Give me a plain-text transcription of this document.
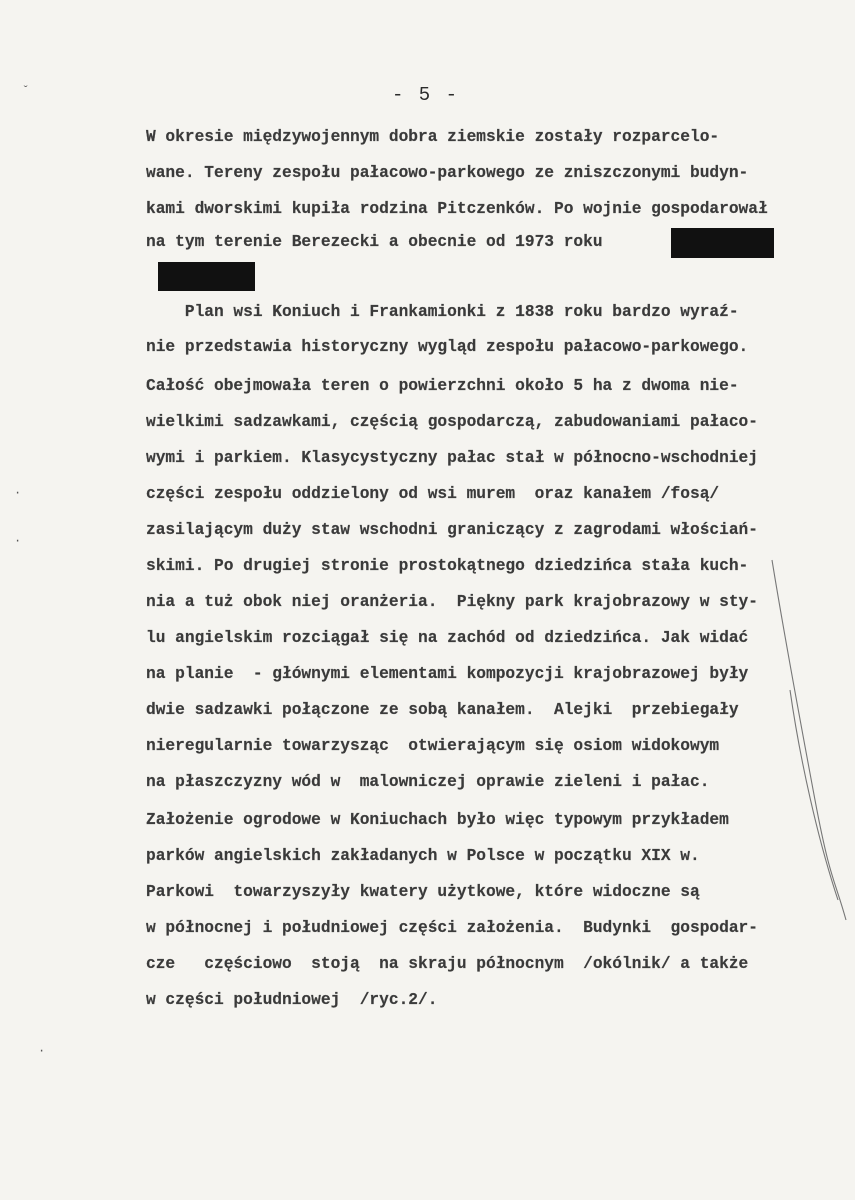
- 5 -
W okresie międzywojennym dobra ziemskie zostały rozparcelo-
wane. Tereny zespołu pałacowo-parkowego ze zniszczonymi budyn-
kami dworskimi kupiła rodzina Pitczenków. Po wojnie gospodarował
na tym terenie Berezecki a obecnie od 1973 roku
Plan wsi Koniuch i Frankamionki z 1838 roku bardzo wyraź-
nie przedstawia historyczny wygląd zespołu pałacowo-parkowego.
Całość obejmowała teren o powierzchni około 5 ha z dwoma nie-
wielkimi sadzawkami, częścią gospodarczą, zabudowaniami pałaco-
wymi i parkiem. Klasycystyczny pałac stał w północno-wschodniej
części zespołu oddzielony od wsi murem  oraz kanałem /fosą/
zasilającym duży staw wschodni graniczący z zagrodami włościań-
skimi. Po drugiej stronie prostokątnego dziedzińca stała kuch-
nia a tuż obok niej oranżeria.  Piękny park krajobrazowy w sty-
lu angielskim rozciągał się na zachód od dziedzińca. Jak widać
na planie  - głównymi elementami kompozycji krajobrazowej były
dwie sadzawki połączone ze sobą kanałem.  Alejki  przebiegały
nieregularnie towarzysząc  otwierającym się osiom widokowym
na płaszczyzny wód w  malowniczej oprawie zieleni i pałac.
Założenie ogrodowe w Koniuchach było więc typowym przykładem
parków angielskich zakładanych w Polsce w początku XIX w.
Parkowi  towarzyszyły kwatery użytkowe, które widoczne są
w północnej i południowej części założenia.  Budynki  gospodar-
cze   częściowo  stoją  na skraju północnym  /okólnik/ a także
w części południowej  /ryc.2/.
ˇ
·
·
·
